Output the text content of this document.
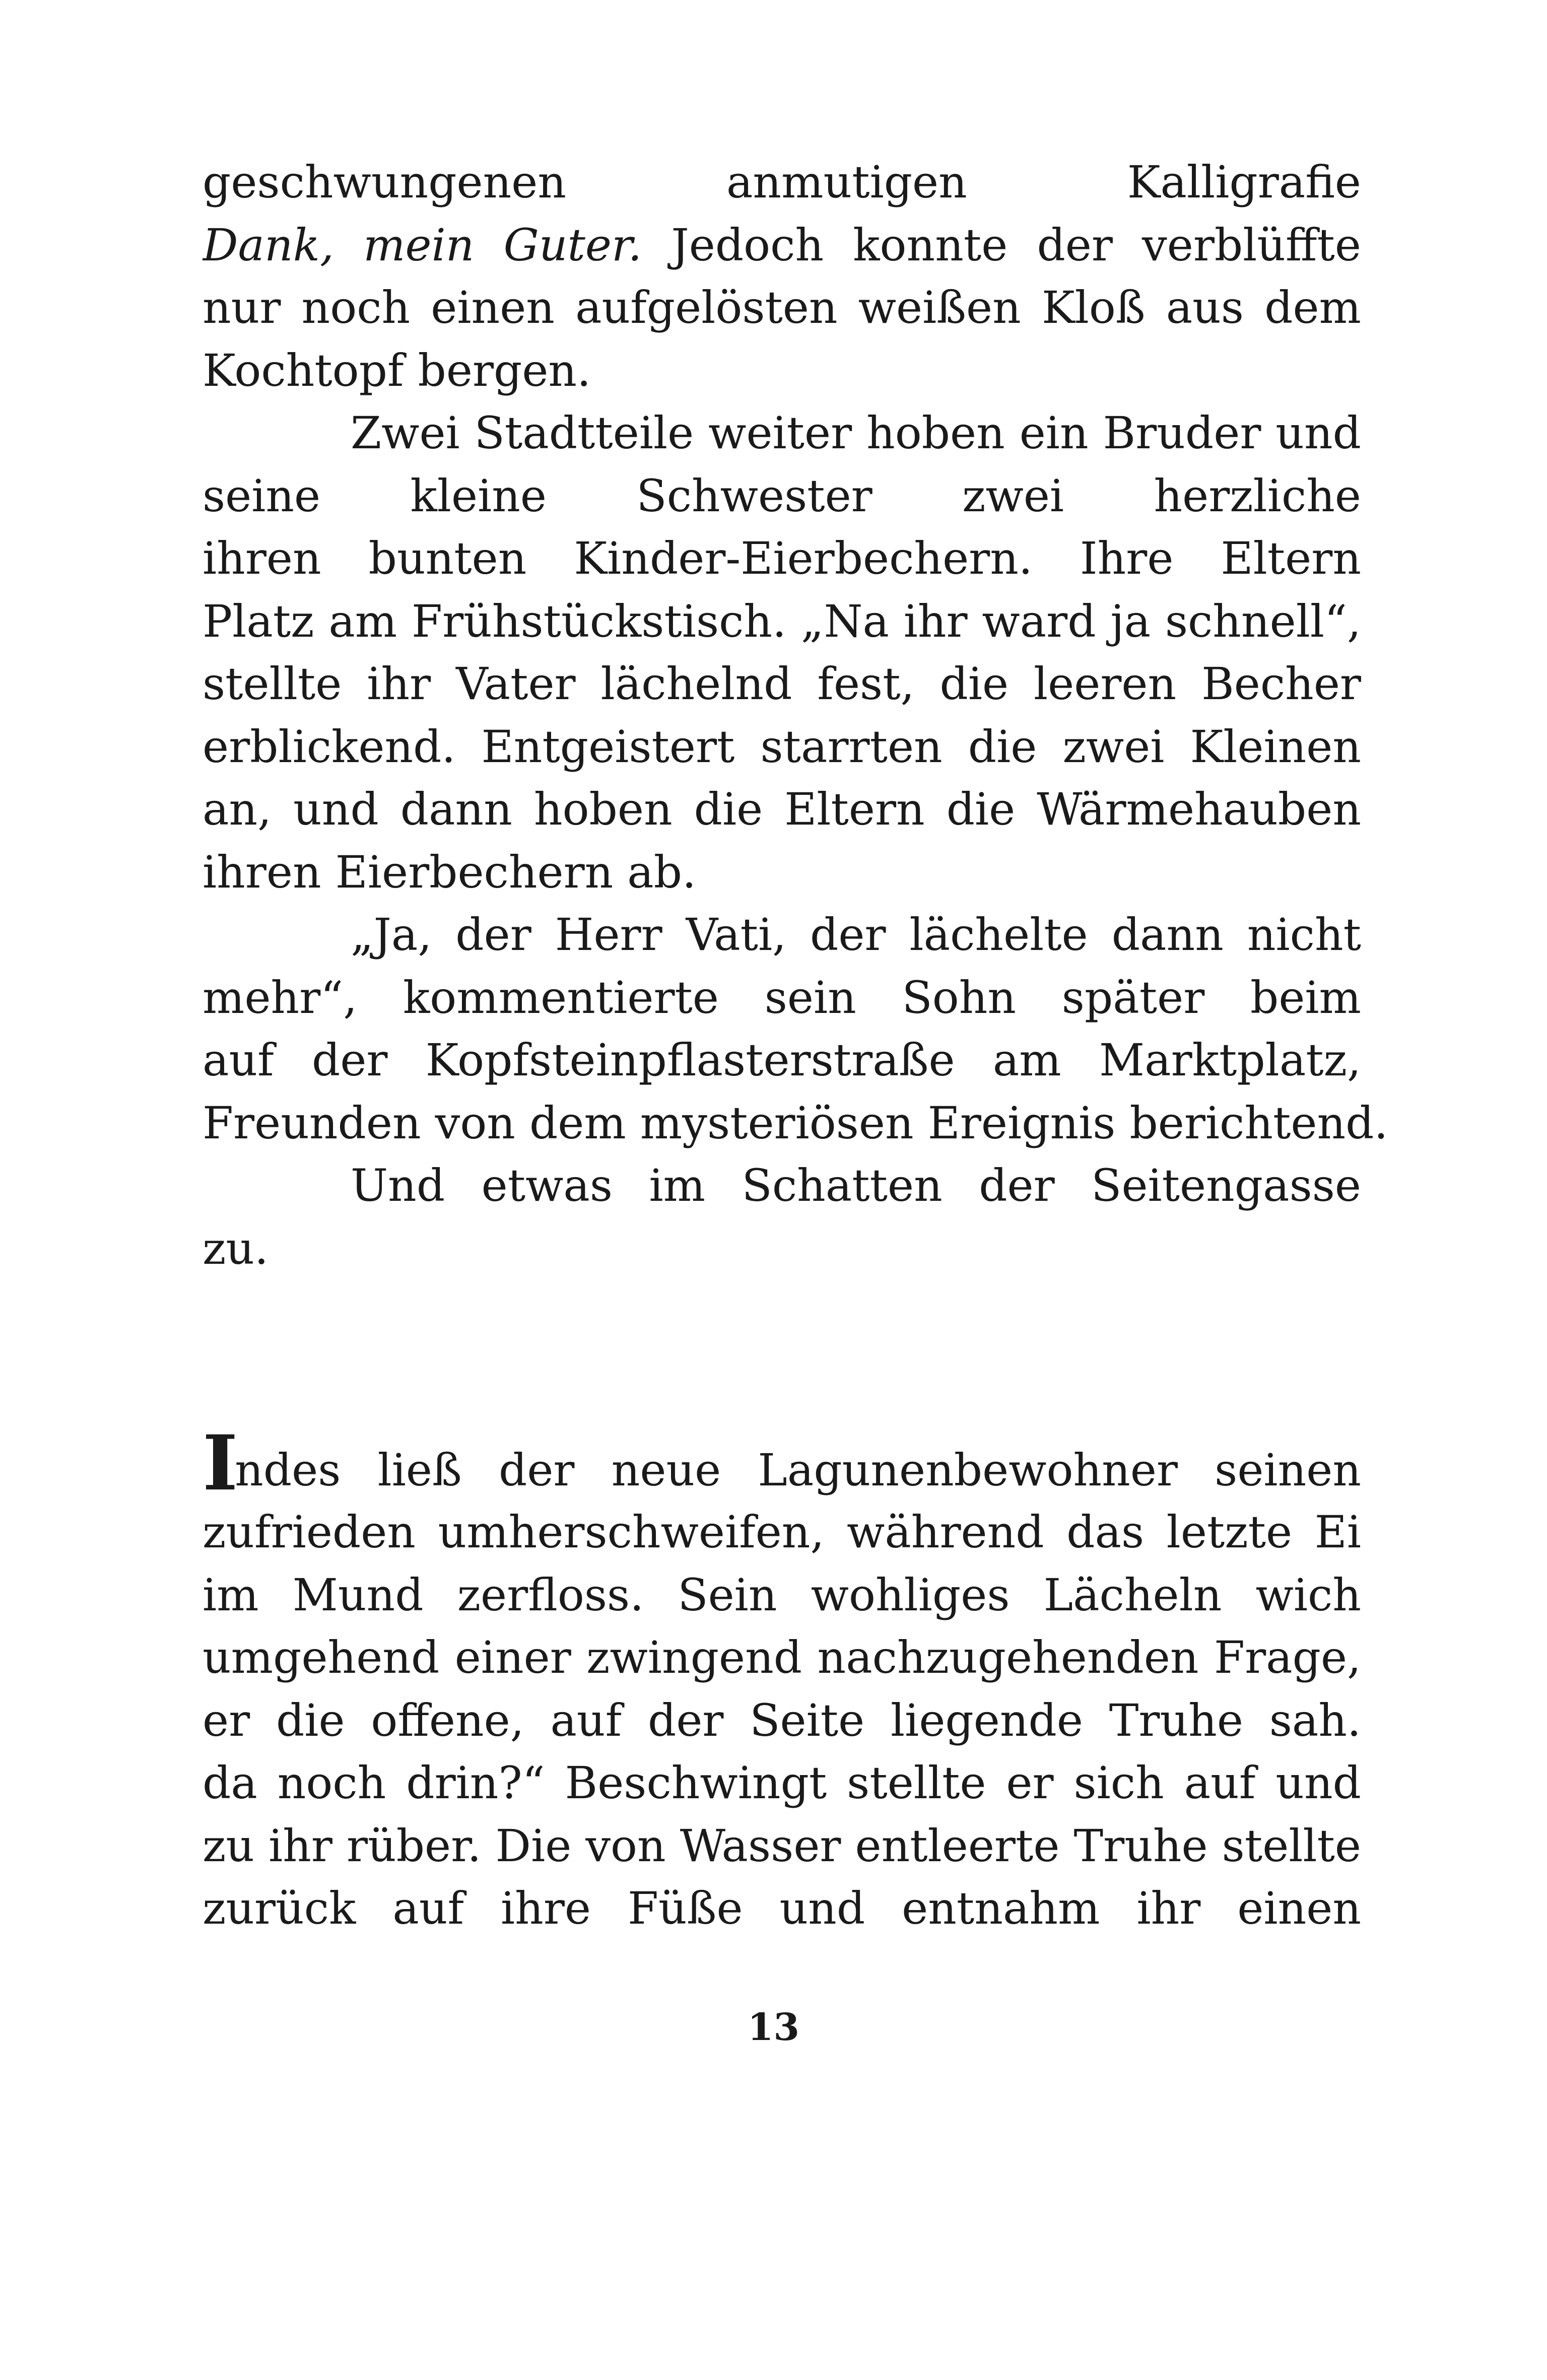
geschwungenen anmutigen Kalligrafie
Dank, mein Guter. Jedoch konnte der verblüffte
nur noch einen aufgelösten weißen Kloß aus dem
Kochtopf bergen.
Zwei Stadtteile weiter hoben ein Bruder und
seine kleine Schwester zwei herzliche
ihren bunten Kinder-Eierbechern. Ihre Eltern
Platz am Frühstückstisch. „Na ihr ward ja schnell“,
stellte ihr Vater lächelnd fest, die leeren Becher
erblickend. Entgeistert starrten die zwei Kleinen
an, und dann hoben die Eltern die Wärmehauben
ihren Eierbechern ab.
„Ja, der Herr Vati, der lächelte dann nicht
mehr“, kommentierte sein Sohn später beim
auf der Kopfsteinpflasterstraße am Marktplatz,
Freunden von dem mysteriösen Ereignis berichtend.
Und etwas im Schatten der Seitengasse
zu.
Indes ließ der neue Lagunenbewohner seinen
zufrieden umherschweifen, während das letzte Ei
im Mund zerfloss. Sein wohliges Lächeln wich
umgehend einer zwingend nachzugehenden Frage,
er die offene, auf der Seite liegende Truhe sah.
da noch drin?“ Beschwingt stellte er sich auf und
zu ihr rüber. Die von Wasser entleerte Truhe stellte
zurück auf ihre Füße und entnahm ihr einen
13
